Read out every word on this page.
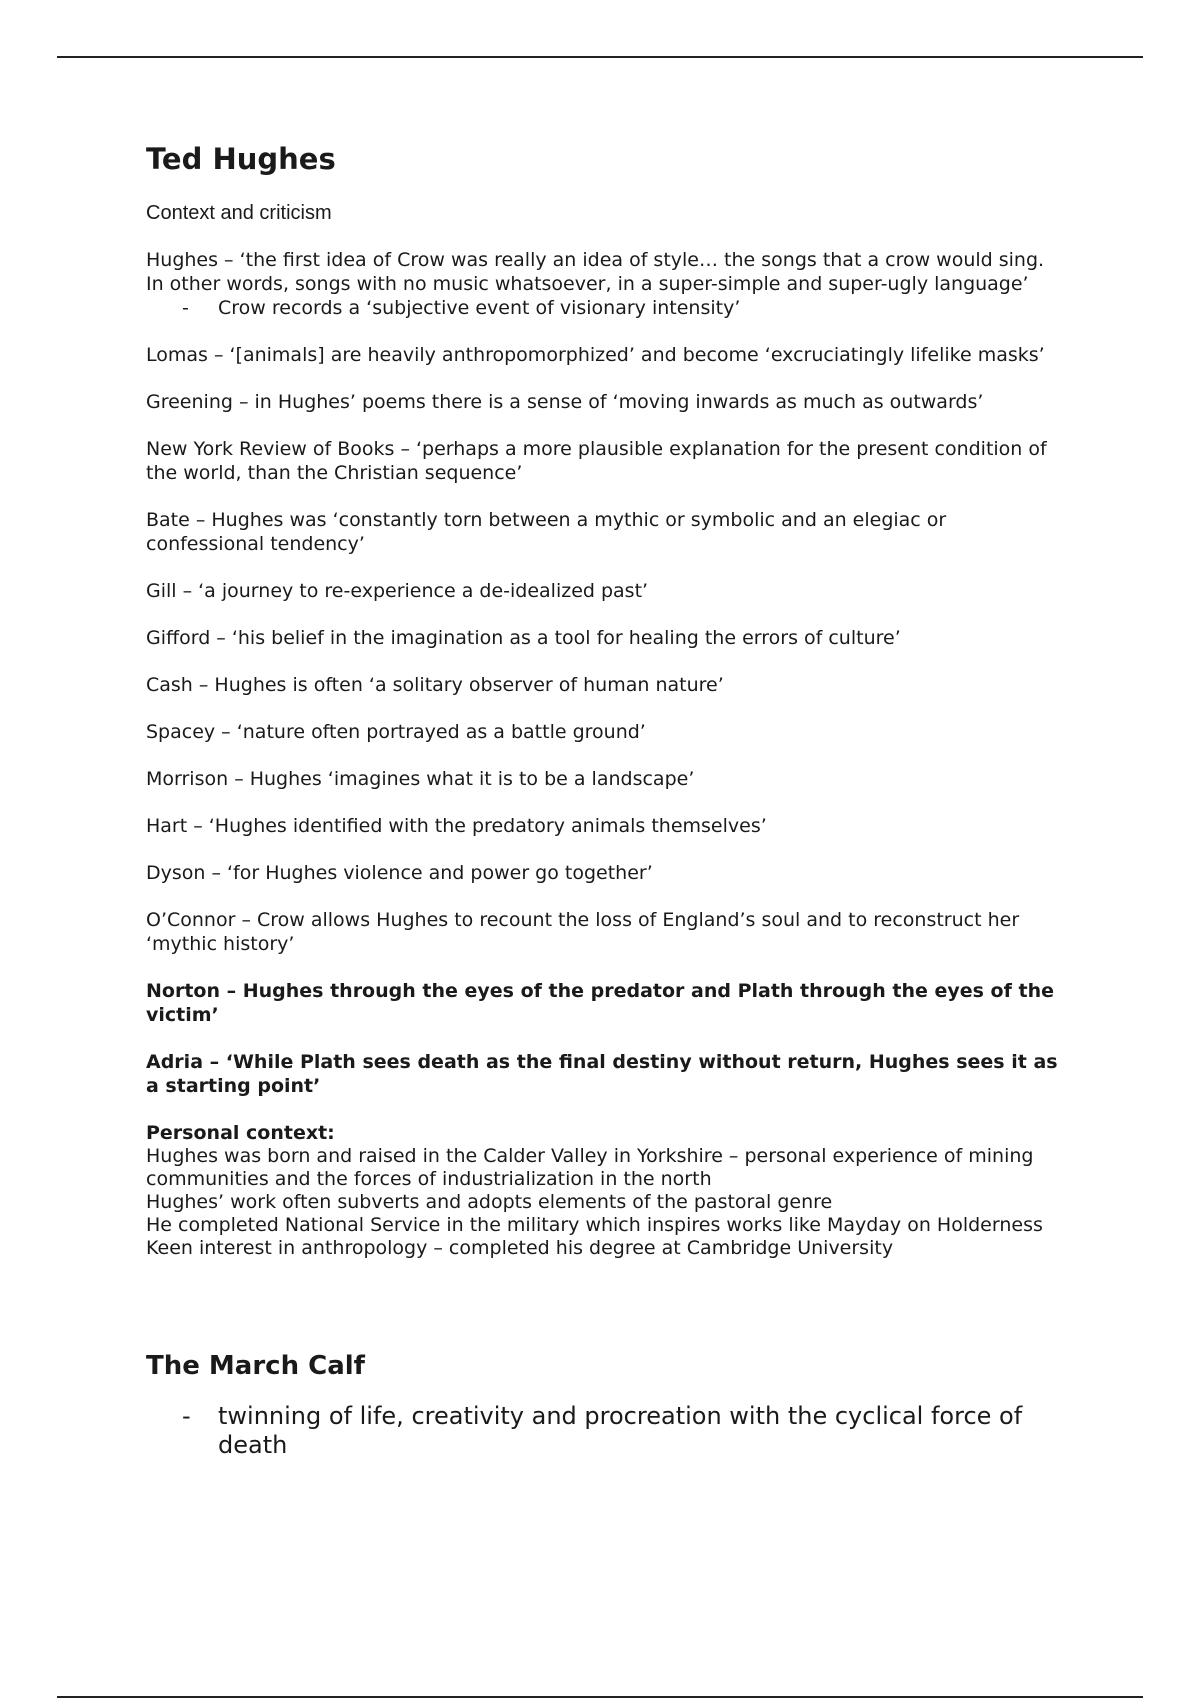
Ted Hughes
Context and criticism
Hughes – ‘the first idea of Crow was really an idea of style… the songs that a crow would sing. In other words, songs with no music whatsoever, in a super-simple and super-ugly language’
-	Crow records a ‘subjective event of visionary intensity’
Lomas – ‘[animals] are heavily anthropomorphized’ and become ‘excruciatingly lifelike masks’
Greening – in Hughes’ poems there is a sense of ‘moving inwards as much as outwards’
New York Review of Books – ‘perhaps a more plausible explanation for the present condition of the world, than the Christian sequence’
Bate – Hughes was ‘constantly torn between a mythic or symbolic and an elegiac or confessional tendency’
Gill – ‘a journey to re-experience a de-idealized past’
Gifford – ‘his belief in the imagination as a tool for healing the errors of culture’
Cash – Hughes is often ‘a solitary observer of human nature’
Spacey – ‘nature often portrayed as a battle ground’
Morrison – Hughes ‘imagines what it is to be a landscape’
Hart – ‘Hughes identified with the predatory animals themselves’
Dyson – ‘for Hughes violence and power go together’
O’Connor – Crow allows Hughes to recount the loss of England’s soul and to reconstruct her ‘mythic history’
Norton – Hughes through the eyes of the predator and Plath through the eyes of the victim’
Adria – ‘While Plath sees death as the final destiny without return, Hughes sees it as a starting point’
Personal context:
Hughes was born and raised in the Calder Valley in Yorkshire – personal experience of mining communities and the forces of industrialization in the north
Hughes’ work often subverts and adopts elements of the pastoral genre
He completed National Service in the military which inspires works like Mayday on Holderness
Keen interest in anthropology – completed his degree at Cambridge University
The March Calf
-	twinning of life, creativity and procreation with the cyclical force of death
